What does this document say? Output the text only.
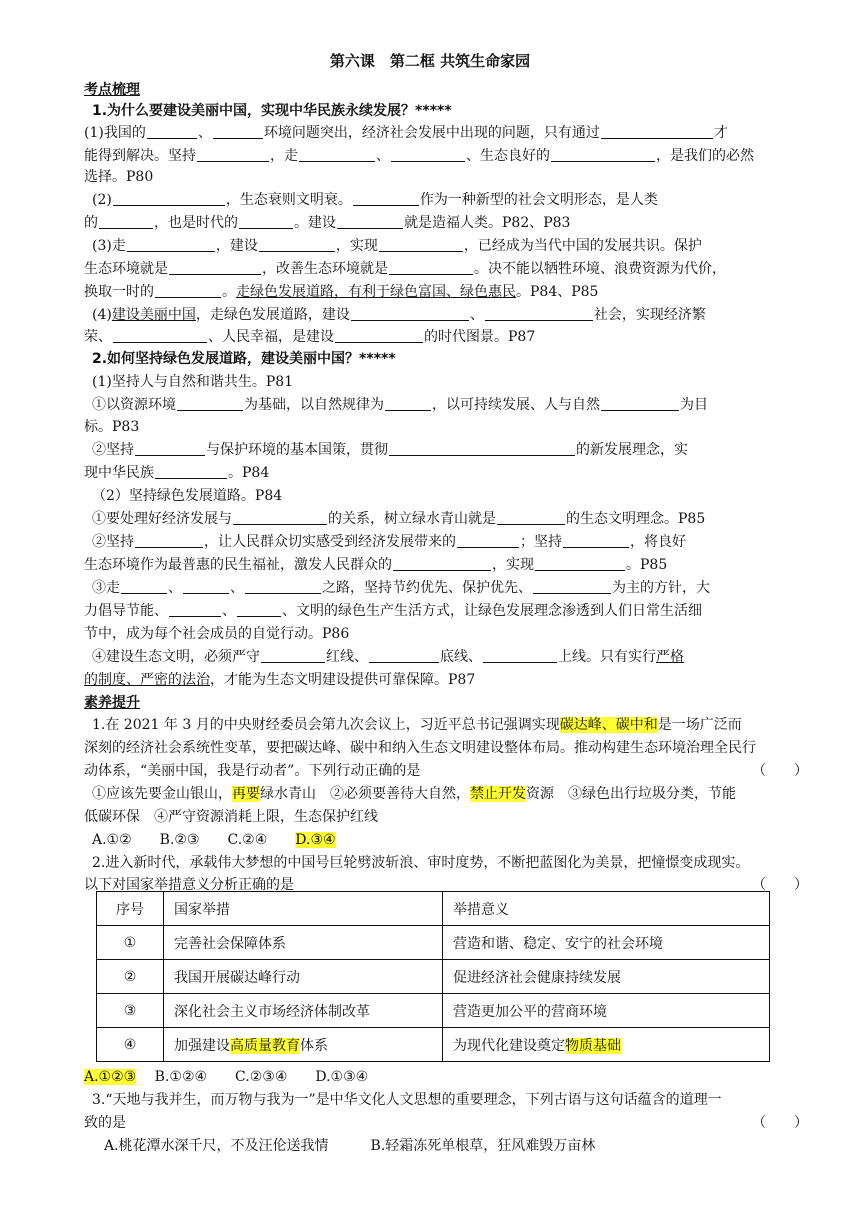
第六课　第二框 共筑生命家园
考点梳理
1.为什么要建设美丽中国，实现中华民族永续发展？*****
(1)我国的	、	环境问题突出，经济社会发展中出现的问题，只有通过	才
能得到解决。坚持	，走	、	、生态良好的	，是我们的必然
选择。P80
(2)	，生态衰则文明衰。	作为一种新型的社会文明形态，是人类
的	，也是时代的	。建设	就是造福人类。P82、P83
(3)走	，建设	，实现	，已经成为当代中国的发展共识。保护
生态环境就是	，改善生态环境就是	。决不能以牺牲环境、浪费资源为代价，
换取一时的	。走绿色发展道路，有利于绿色富国、绿色惠民。P84、P85
(4)建设美丽中国，走绿色发展道路，建设	、	社会，实现经济繁
荣、	、人民幸福，是建设	的时代图景。P87
2.如何坚持绿色发展道路，建设美丽中国？*****
(1)坚持人与自然和谐共生。P81
①以资源环境	为基础，以自然规律为	，以可持续发展、人与自然	为目
标。P83
②坚持	与保护环境的基本国策，贯彻	的新发展理念，实
现中华民族	。P84
（2）坚持绿色发展道路。P84
①要处理好经济发展与	的关系，树立绿水青山就是	的生态文明理念。P85
②坚持	，让人民群众切实感受到经济发展带来的	；坚持	，将良好
生态环境作为最普惠的民生福祉，激发人民群众的	，实现	。P85
③走	、	、	之路，坚持节约优先、保护优先、	为主的方针，大
力倡导节能、	、	、文明的绿色生产生活方式，让绿色发展理念渗透到人们日常生活细
节中，成为每个社会成员的自觉行动。P86
④建设生态文明，必须严守	红线、	底线、	上线。只有实行严格
的制度、严密的法治，才能为生态文明建设提供可靠保障。P87
素养提升
1.在 2021 年 3 月的中央财经委员会第九次会议上，习近平总书记强调实现碳达峰、碳中和是一场广泛而
深刻的经济社会系统性变革，要把碳达峰、碳中和纳入生态文明建设整体布局。推动构建生态环境治理全民行
动体系，“美丽中国，我是行动者”。下列行动正确的是	（　　）
①应该先要金山银山，再要绿水青山　②必须要善待大自然，禁止开发资源　③绿色出行垃圾分类，节能
低碳环保　④严守资源消耗上限，生态保护红线
A.①②　　B.②③　　C.②④　　D.③④
2.进入新时代，承载伟大梦想的中国号巨轮劈波斩浪、审时度势，不断把蓝图化为美景，把憧憬变成现实。
以下对国家举措意义分析正确的是	（　　）
序号	国家举措	举措意义
①	完善社会保障体系	营造和谐、稳定、安宁的社会环境
②	我国开展碳达峰行动	促进经济社会健康持续发展
③	深化社会主义市场经济体制改革	营造更加公平的营商环境
④	加强建设高质量教育体系	为现代化建设奠定物质基础
A.①②③　 B.①②④　　C.②③④　　D.①③④
3.“天地与我并生，而万物与我为一”是中华文化人文思想的重要理念，下列古语与这句话蕴含的道理一
致的是	（　　）
A.桃花潭水深千尺，不及汪伦送我情　　　B.轻霜冻死单根草，狂风难毁万亩林
